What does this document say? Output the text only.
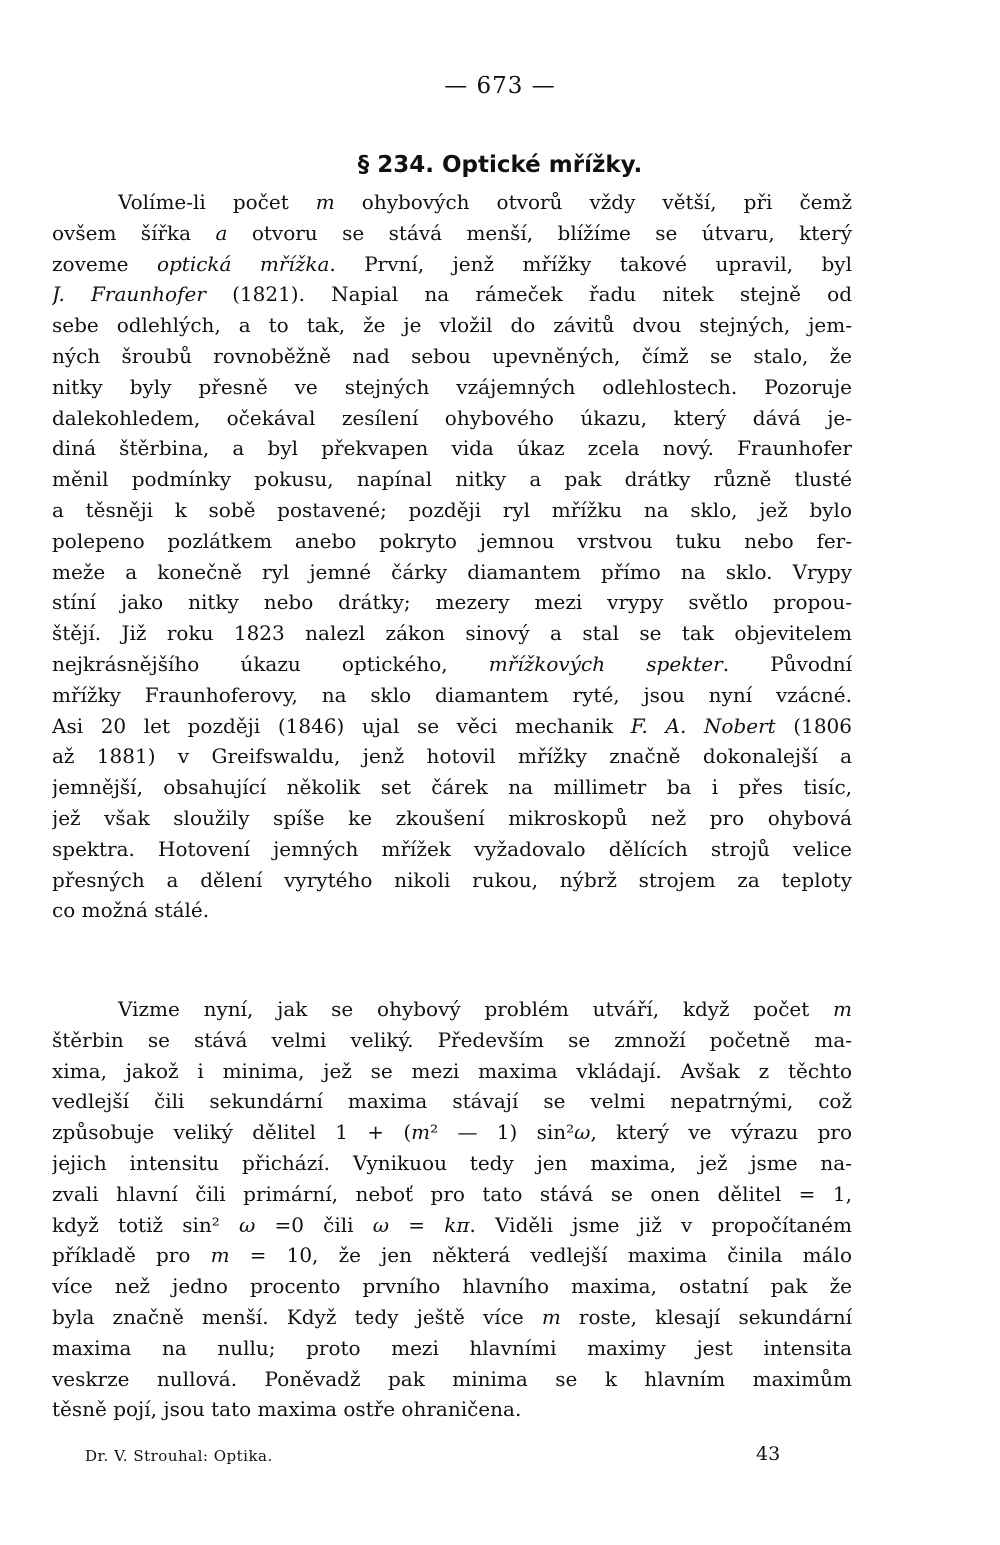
— 673 —
§ 234. Optické mřížky.
Volíme-li počet m ohybových otvorů vždy větší, při čemž
ovšem šířka a otvoru se stává menší, blížíme se útvaru, který
zoveme optická mřížka. První, jenž mřížky takové upravil, byl
J. Fraunhofer (1821). Napial na rámeček řadu nitek stejně od
sebe odlehlých, a to tak, že je vložil do závitů dvou stejných, jem-
ných šroubů rovnoběžně nad sebou upevněných, čímž se stalo, že
nitky byly přesně ve stejných vzájemných odlehlostech. Pozoruje
dalekohledem, očekával zesílení ohybového úkazu, který dává je-
diná štěrbina, a byl překvapen vida úkaz zcela nový. Fraunhofer
měnil podmínky pokusu, napínal nitky a pak drátky různě tlusté
a těsněji k sobě postavené; později ryl mřížku na sklo, jež bylo
polepeno pozlátkem anebo pokryto jemnou vrstvou tuku nebo fer-
meže a konečně ryl jemné čárky diamantem přímo na sklo. Vrypy
stíní jako nitky nebo drátky; mezery mezi vrypy světlo propou-
štějí. Již roku 1823 nalezl zákon sinový a stal se tak objevitelem
nejkrásnějšího úkazu optického, mřížkových spekter. Původní
mřížky Fraunhoferovy, na sklo diamantem ryté, jsou nyní vzácné.
Asi 20 let později (1846) ujal se věci mechanik F. A. Nobert (1806
až 1881) v Greifswaldu, jenž hotovil mřížky značně dokonalejší a
jemnější, obsahující několik set čárek na millimetr ba i přes tisíc,
jež však sloužily spíše ke zkoušení mikroskopů než pro ohybová
spektra. Hotovení jemných mřížek vyžadovalo dělících strojů velice
přesných a dělení vyrytého nikoli rukou, nýbrž strojem za teploty
co možná stálé.
Vizme nyní, jak se ohybový problém utváří, když počet m
štěrbin se stává velmi veliký. Především se zmnoží početně ma-
xima, jakož i minima, jež se mezi maxima vkládají. Avšak z těchto
vedlejší čili sekundární maxima stávají se velmi nepatrnými, což
způsobuje veliký dělitel 1 + (m² — 1) sin²ω, který ve výrazu pro
jejich intensitu přichází. Vynikuou tedy jen maxima, jež jsme na-
zvali hlavní čili primární, neboť pro tato stává se onen dělitel = 1,
když totiž sin² ω =0 čili ω = kπ. Viděli jsme již v propočítaném
příkladě pro m = 10, že jen některá vedlejší maxima činila málo
více než jedno procento prvního hlavního maxima, ostatní pak že
byla značně menší. Když tedy ještě více m roste, klesají sekundární
maxima na nullu; proto mezi hlavními maximy jest intensita
veskrze nullová. Poněvadž pak minima se k hlavním maximům
těsně pojí, jsou tato maxima ostře ohraničena.
Dr. V. Strouhal: Optika.	43
